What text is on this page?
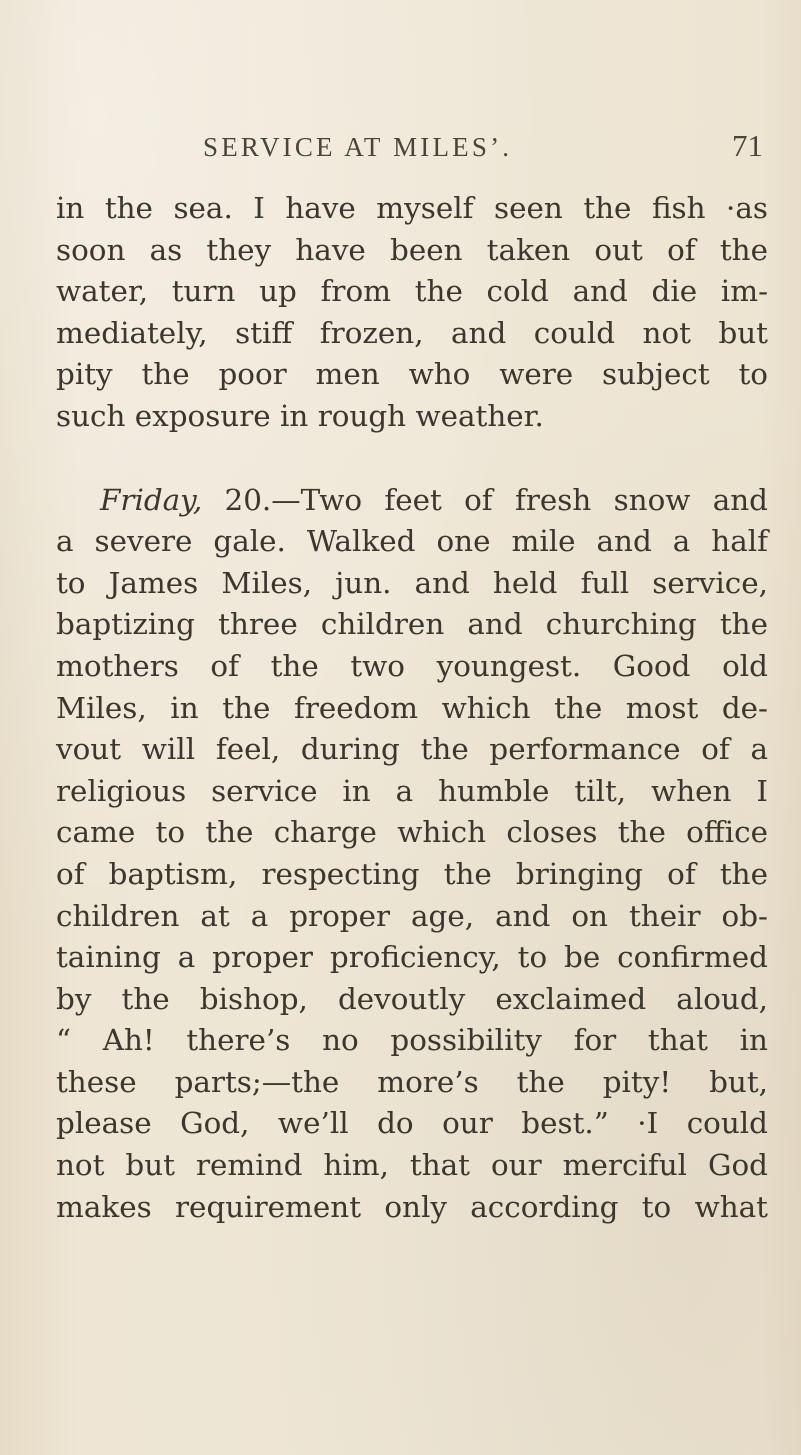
SERVICE AT MILES’.	71
in the sea. I have myself seen the fish ·as
soon as they have been taken out of the
water, turn up from the cold and die im-
mediately, stiff frozen, and could not but
pity the poor men who were subject to
such exposure in rough weather.
Friday, 20.—Two feet of fresh snow and
a severe gale. Walked one mile and a half
to James Miles, jun. and held full service,
baptizing three children and churching the
mothers of the two youngest. Good old
Miles, in the freedom which the most de-
vout will feel, during the performance of a
religious service in a humble tilt, when I
came to the charge which closes the office
of baptism, respecting the bringing of the
children at a proper age, and on their ob-
taining a proper proficiency, to be confirmed
by the bishop, devoutly exclaimed aloud,
“ Ah! there’s no possibility for that in
these parts;—the more’s the pity! but,
please God, we’ll do our best.” ·I could
not but remind him, that our merciful God
makes requirement only according to what
